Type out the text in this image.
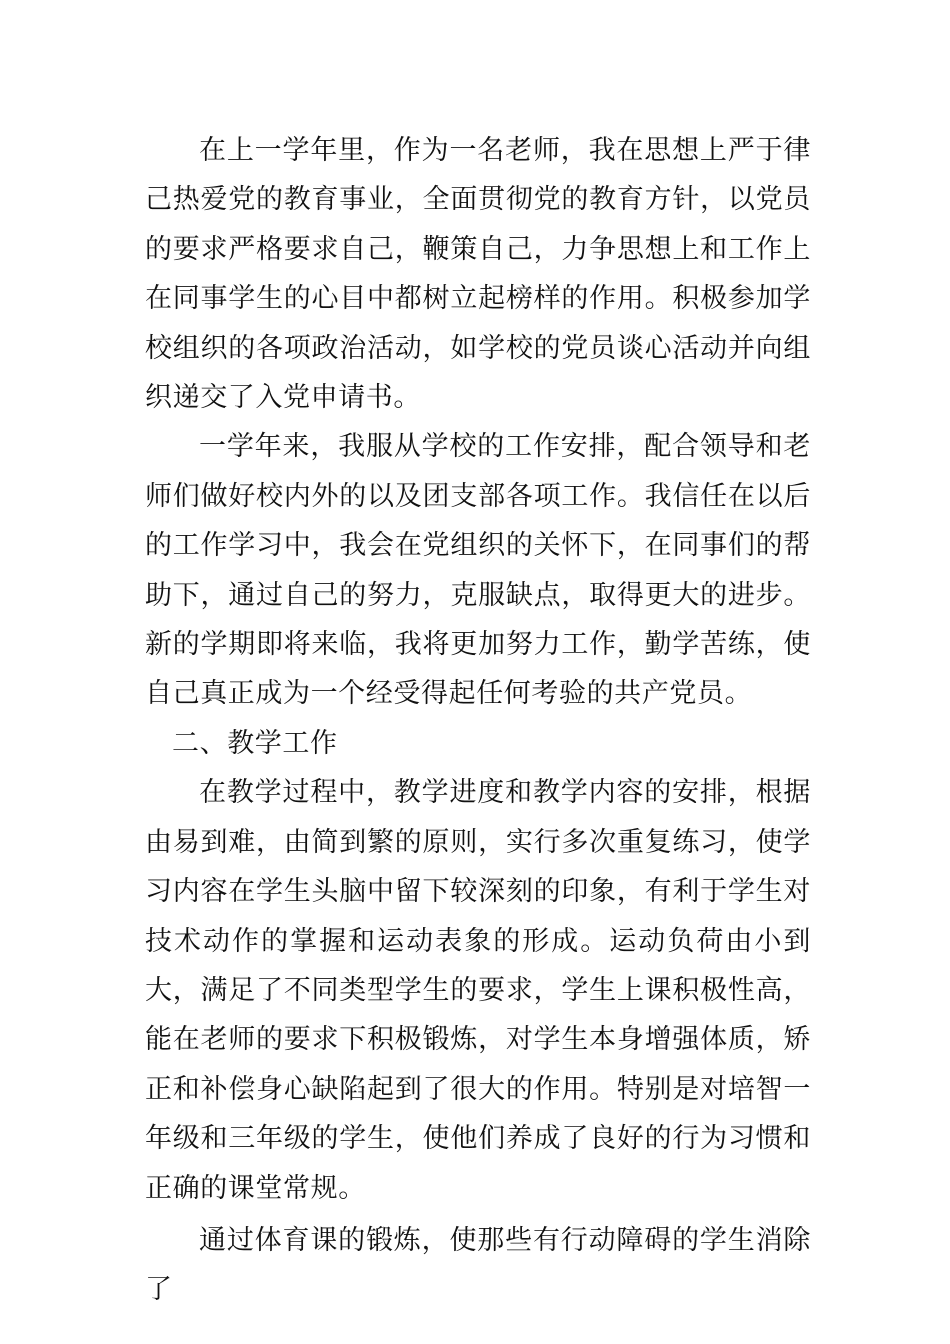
在上一学年里，作为一名老师，我在思想上严于律己热爱党的教育事业，全面贯彻党的教育方针，以党员的要求严格要求自己，鞭策自己，力争思想上和工作上在同事学生的心目中都树立起榜样的作用。积极参加学校组织的各项政治活动，如学校的党员谈心活动并向组织递交了入党申请书。

一学年来，我服从学校的工作安排，配合领导和老师们做好校内外的以及团支部各项工作。我信任在以后的工作学习中，我会在党组织的关怀下，在同事们的帮助下，通过自己的努力，克服缺点，取得更大的进步。新的学期即将来临，我将更加努力工作，勤学苦练，使自己真正成为一个经受得起任何考验的共产党员。

二、教学工作

在教学过程中，教学进度和教学内容的安排，根据由易到难，由简到繁的原则，实行多次重复练习，使学习内容在学生头脑中留下较深刻的印象，有利于学生对技术动作的掌握和运动表象的形成。运动负荷由小到大，满足了不同类型学生的要求，学生上课积极性高，能在老师的要求下积极锻炼，对学生本身增强体质，矫正和补偿身心缺陷起到了很大的作用。特别是对培智一年级和三年级的学生，使他们养成了良好的行为习惯和正确的课堂常规。

通过体育课的锻炼，使那些有行动障碍的学生消除了
